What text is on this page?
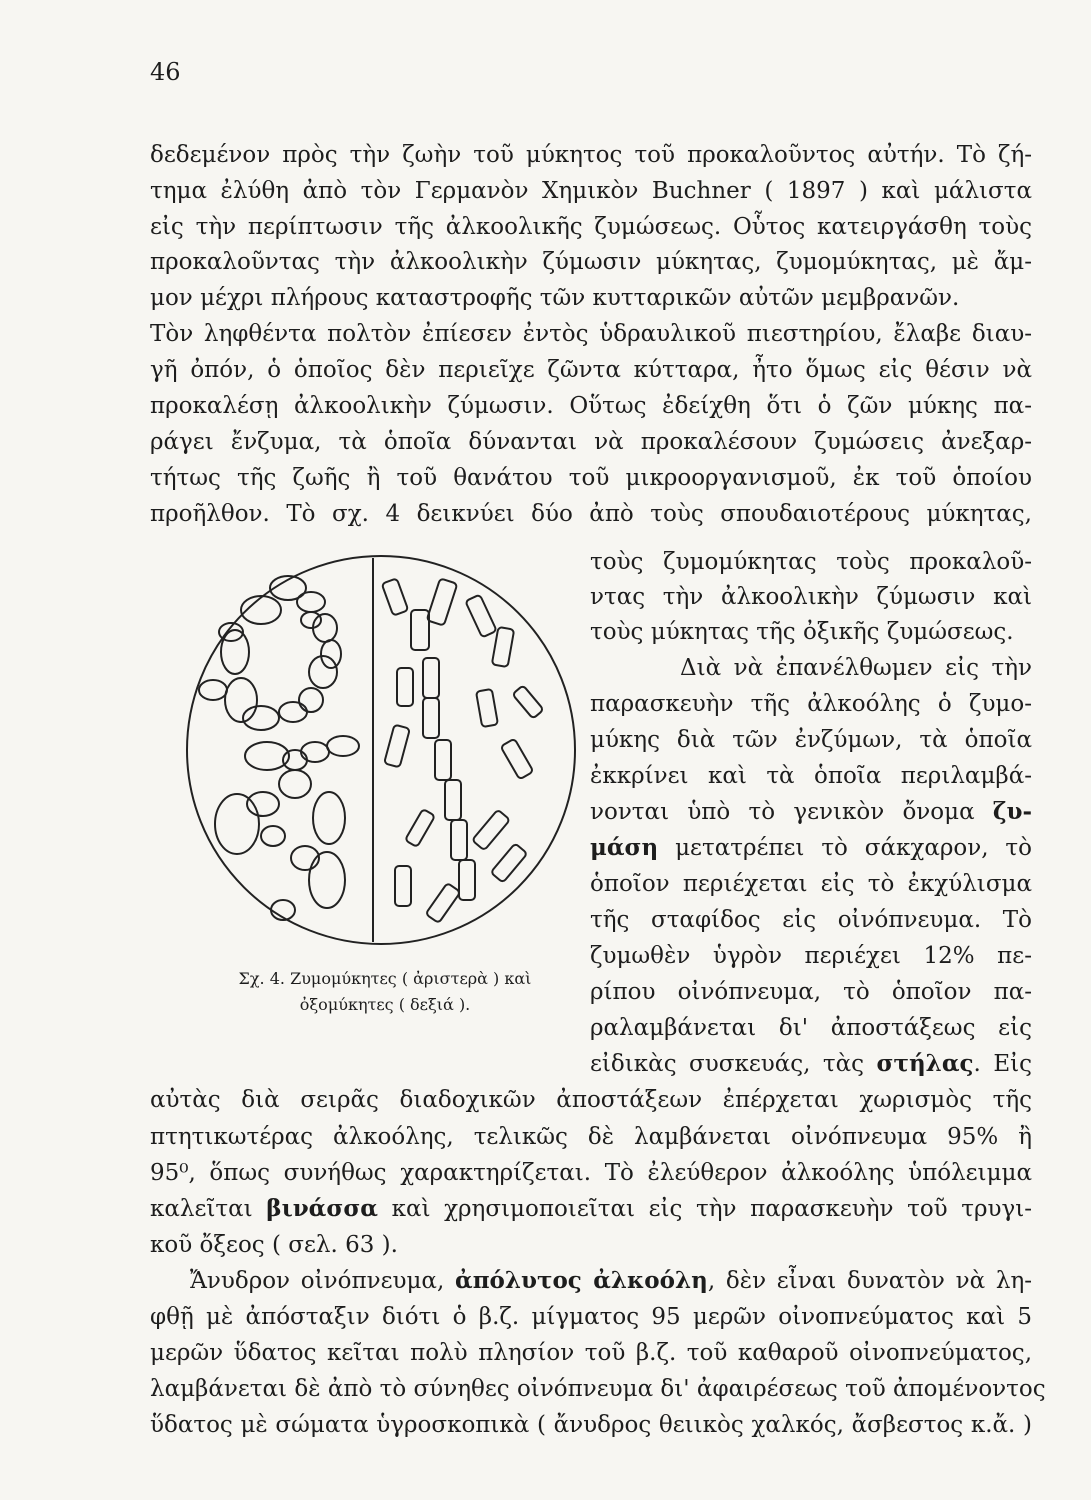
46
δεδεμένον πρὸς τὴν ζωὴν τοῦ μύκητος τοῦ προκαλοῦντος αὐτήν. Τὸ ζή-
τημα ἐλύθη ἀπὸ τὸν Γερμανὸν Χημικὸν Buchner ( 1897 ) καὶ μάλιστα
εἰς τὴν περίπτωσιν τῆς ἀλκοολικῆς ζυμώσεως. Οὗτος κατειργάσθη τοὺς
προκαλοῦντας τὴν ἀλκοολικὴν ζύμωσιν μύκητας, ζυμομύκητας, μὲ ἄμ-
μον μέχρι πλήρους καταστροφῆς τῶν κυτταρικῶν αὐτῶν μεμβρανῶν.
Τὸν ληφθέντα πολτὸν ἐπίεσεν ἐντὸς ὑδραυλικοῦ πιεστηρίου, ἔλαβε διαυ-
γῆ ὀπόν, ὁ ὁποῖος δὲν περιεῖχε ζῶντα κύτταρα, ἦτο ὅμως εἰς θέσιν νὰ
προκαλέσῃ ἀλκοολικὴν ζύμωσιν. Οὕτως ἐδείχθη ὅτι ὁ ζῶν μύκης πα-
ράγει ἔνζυμα, τὰ ὁποῖα δύνανται νὰ προκαλέσουν ζυμώσεις ἀνεξαρ-
τήτως τῆς ζωῆς ἢ τοῦ θανάτου τοῦ μικροοργανισμοῦ, ἐκ τοῦ ὁποίου
προῆλθον. Τὸ σχ. 4 δεικνύει δύο ἀπὸ τοὺς σπουδαιοτέρους μύκητας,
Σχ. 4. Ζυμομύκητες ( ἀριστερὰ ) καὶ
ὀξομύκητες ( δεξιά ).
τοὺς ζυμομύκητας τοὺς προκαλοῦ-
ντας τὴν ἀλκοολικὴν ζύμωσιν καὶ
τοὺς μύκητας τῆς ὀξικῆς ζυμώσεως.
Διὰ νὰ ἐπανέλθωμεν εἰς τὴν
παρασκευὴν τῆς ἀλκοόλης ὁ ζυμο-
μύκης διὰ τῶν ἐνζύμων, τὰ ὁποῖα
ἐκκρίνει καὶ τὰ ὁποῖα περιλαμβά-
νονται ὑπὸ τὸ γενικὸν ὄνομα ζυ-
μάση μετατρέπει τὸ σάκχαρον, τὸ
ὁποῖον περιέχεται εἰς τὸ ἐκχύλισμα
τῆς σταφίδος εἰς οἰνόπνευμα. Τὸ
ζυμωθὲν ὑγρὸν περιέχει 12% πε-
ρίπου οἰνόπνευμα, τὸ ὁποῖον πα-
ραλαμβάνεται δι' ἀποστάξεως εἰς
εἰδικὰς συσκευάς, τὰς στήλας. Εἰς
αὐτὰς διὰ σειρᾶς διαδοχικῶν ἀποστάξεων ἐπέρχεται χωρισμὸς τῆς
πτητικωτέρας ἀλκοόλης, τελικῶς δὲ λαμβάνεται οἰνόπνευμα 95% ἢ
95⁰, ὅπως συνήθως χαρακτηρίζεται. Τὸ ἐλεύθερον ἀλκοόλης ὑπόλειμμα
καλεῖται βινάσσα καὶ χρησιμοποιεῖται εἰς τὴν παρασκευὴν τοῦ τρυγι-
κοῦ ὄξεος ( σελ. 63 ).
Ἄνυδρον οἰνόπνευμα, ἀπόλυτος ἀλκοόλη, δὲν εἶναι δυνατὸν νὰ λη-
φθῇ μὲ ἀπόσταξιν διότι ὁ β.ζ. μίγματος 95 μερῶν οἰνοπνεύματος καὶ 5
μερῶν ὕδατος κεῖται πολὺ πλησίον τοῦ β.ζ. τοῦ καθαροῦ οἰνοπνεύματος,
λαμβάνεται δὲ ἀπὸ τὸ σύνηθες οἰνόπνευμα δι' ἀφαιρέσεως τοῦ ἀπομένοντος
ὕδατος μὲ σώματα ὑγροσκοπικὰ ( ἄνυδρος θειικὸς χαλκός, ἄσβεστος κ.ἄ. )
